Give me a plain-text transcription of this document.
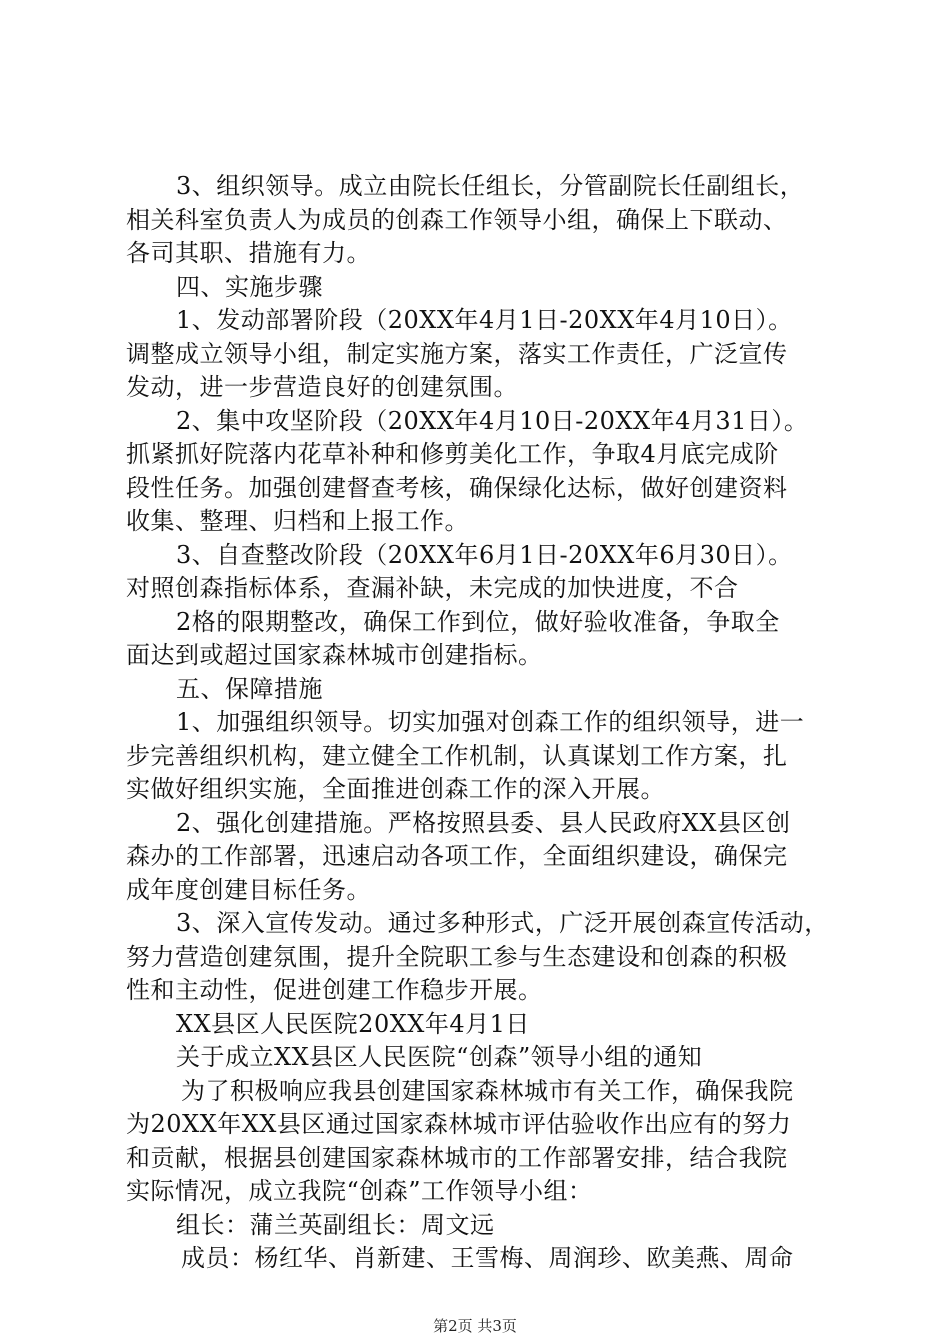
3、组织领导。成立由院长任组长，分管副院长任副组长，
相关科室负责人为成员的创森工作领导小组，确保上下联动、
各司其职、措施有力。
四、实施步骤
1、发动部署阶段（20XX年4月1日-20XX年4月10日）。
调整成立领导小组，制定实施方案，落实工作责任，广泛宣传
发动，进一步营造良好的创建氛围。
2、集中攻坚阶段（20XX年4月10日-20XX年4月31日）。
抓紧抓好院落内花草补种和修剪美化工作，争取4月底完成阶
段性任务。加强创建督查考核，确保绿化达标，做好创建资料
收集、整理、归档和上报工作。
3、自查整改阶段（20XX年6月1日-20XX年6月30日）。
对照创森指标体系，查漏补缺，未完成的加快进度，不合
2格的限期整改，确保工作到位，做好验收准备，争取全
面达到或超过国家森林城市创建指标。
五、保障措施
1、加强组织领导。切实加强对创森工作的组织领导，进一
步完善组织机构，建立健全工作机制，认真谋划工作方案，扎
实做好组织实施，全面推进创森工作的深入开展。
2、强化创建措施。严格按照县委、县人民政府XX县区创
森办的工作部署，迅速启动各项工作，全面组织建设，确保完
成年度创建目标任务。
3、深入宣传发动。通过多种形式，广泛开展创森宣传活动，
努力营造创建氛围，提升全院职工参与生态建设和创森的积极
性和主动性，促进创建工作稳步开展。
XX县区人民医院20XX年4月1日
关于成立XX县区人民医院“创森”领导小组的通知
为了积极响应我县创建国家森林城市有关工作，确保我院
为20XX年XX县区通过国家森林城市评估验收作出应有的努力
和贡献，根据县创建国家森林城市的工作部署安排，结合我院
实际情况，成立我院“创森”工作领导小组：
组长：蒲兰英副组长：周文远
成员：杨红华、肖新建、王雪梅、周润珍、欧美燕、周命
第2页 共3页
